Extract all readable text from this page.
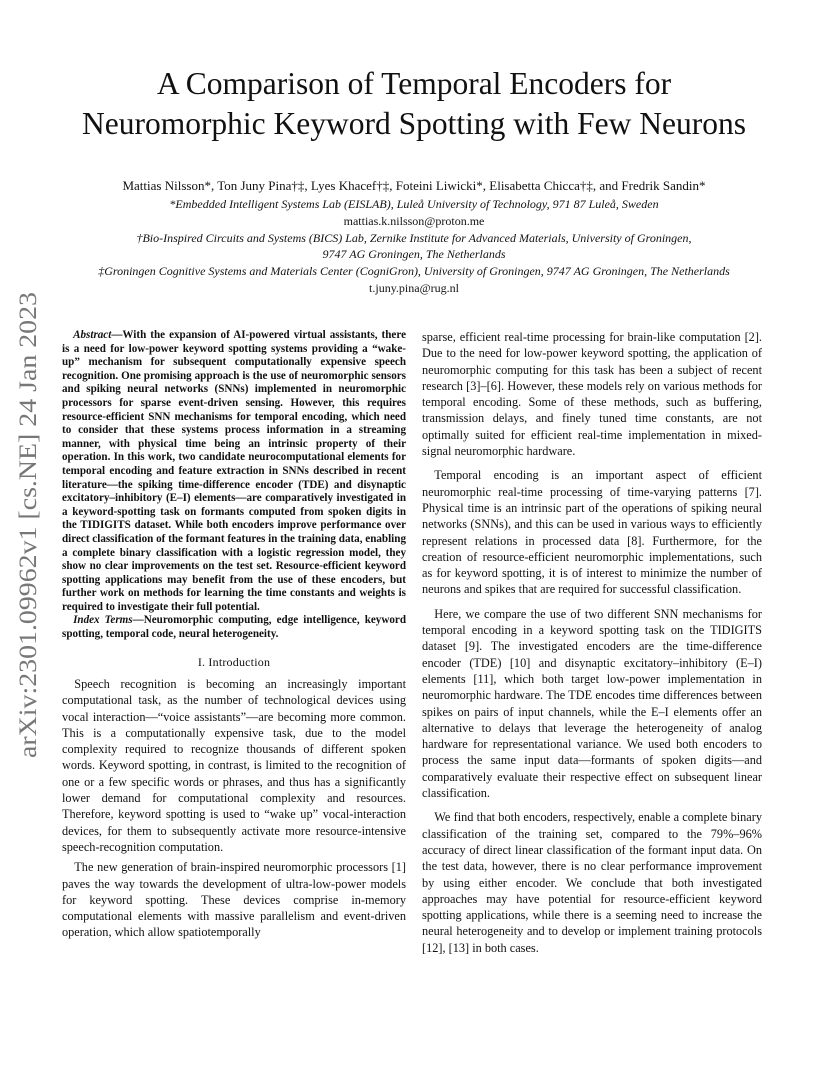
A Comparison of Temporal Encoders for
Neuromorphic Keyword Spotting with Few Neurons
Mattias Nilsson*, Ton Juny Pina†‡, Lyes Khacef†‡, Foteini Liwicki*, Elisabetta Chicca†‡, and Fredrik Sandin*
*Embedded Intelligent Systems Lab (EISLAB), Luleå University of Technology, 971 87 Luleå, Sweden
mattias.k.nilsson@proton.me
†Bio-Inspired Circuits and Systems (BICS) Lab, Zernike Institute for Advanced Materials, University of Groningen,
9747 AG Groningen, The Netherlands
‡Groningen Cognitive Systems and Materials Center (CogniGron), University of Groningen, 9747 AG Groningen, The Netherlands
t.juny.pina@rug.nl
arXiv:2301.09962v1 [cs.NE] 24 Jan 2023	Abstract—With the expansion of AI-powered virtual assistants, there is a need for low-power keyword spotting systems providing a “wake-up” mechanism for subsequent computationally expensive speech recognition. One promising approach is the use of neuromorphic sensors and spiking neural networks (SNNs) implemented in neuromorphic processors for sparse event-driven sensing. However, this requires resource-efficient SNN mechanisms for temporal encoding, which need to consider that these systems process information in a streaming manner, with physical time being an intrinsic property of their operation. In this work, two candidate neurocomputational elements for temporal encoding and feature extraction in SNNs described in recent literature—the spiking time-difference encoder (TDE) and disynaptic excitatory–inhibitory (E–I) elements—are comparatively investigated in a keyword-spotting task on formants computed from spoken digits in the TIDIGITS dataset. While both encoders improve performance over direct classification of the formant features in the training data, enabling a complete binary classification with a logistic regression model, they show no clear improvements on the test set. Resource-efficient keyword spotting applications may benefit from the use of these encoders, but further work on methods for learning the time constants and weights is required to investigate their full potential.

Index Terms—Neuromorphic computing, edge intelligence, keyword spotting, temporal code, neural heterogeneity.

I. Introduction

Speech recognition is becoming an increasingly important computational task, as the number of technological devices using vocal interaction—“voice assistants”—are becoming more common. This is a computationally expensive task, due to the model complexity required to recognize thousands of different spoken words. Keyword spotting, in contrast, is limited to the recognition of one or a few specific words or phrases, and thus has a significantly lower demand for computational complexity and resources. Therefore, keyword spotting is used to “wake up” vocal-interaction devices, for them to subsequently activate more resource-intensive speech-recognition computation.

The new generation of brain-inspired neuromorphic processors [1] paves the way towards the development of ultra-low-power models for keyword spotting. These devices comprise in-memory computational elements with massive parallelism and event-driven operation, which allow spatiotemporally

sparse, efficient real-time processing for brain-like computation [2]. Due to the need for low-power keyword spotting, the application of neuromorphic computing for this task has been a subject of recent research [3]–[6]. However, these models rely on various methods for temporal encoding. Some of these methods, such as buffering, transmission delays, and finely tuned time constants, are not optimally suited for efficient real-time implementation in mixed-signal neuromorphic hardware.

Temporal encoding is an important aspect of efficient neuromorphic real-time processing of time-varying patterns [7]. Physical time is an intrinsic part of the operations of spiking neural networks (SNNs), and this can be used in various ways to efficiently represent relations in processed data [8]. Furthermore, for the creation of resource-efficient neuromorphic implementations, such as for keyword spotting, it is of interest to minimize the number of neurons and spikes that are required for successful classification.

Here, we compare the use of two different SNN mechanisms for temporal encoding in a keyword spotting task on the TIDIGITS dataset [9]. The investigated encoders are the time-difference encoder (TDE) [10] and disynaptic excitatory–inhibitory (E–I) elements [11], which both target low-power implementation in neuromorphic hardware. The TDE encodes time differences between spikes on pairs of input channels, while the E–I elements offer an alternative to delays that leverage the heterogeneity of analog hardware for representational variance. We used both encoders to process the same input data—formants of spoken digits—and comparatively evaluate their respective effect on subsequent linear classification.

We find that both encoders, respectively, enable a complete binary classification of the training set, compared to the 79%–96% accuracy of direct linear classification of the formant input data. On the test data, however, there is no clear performance improvement by using either encoder. We conclude that both investigated approaches may have potential for resource-efficient keyword spotting applications, while there is a seeming need to increase the neural heterogeneity and to develop or implement training protocols [12], [13] in both cases.
